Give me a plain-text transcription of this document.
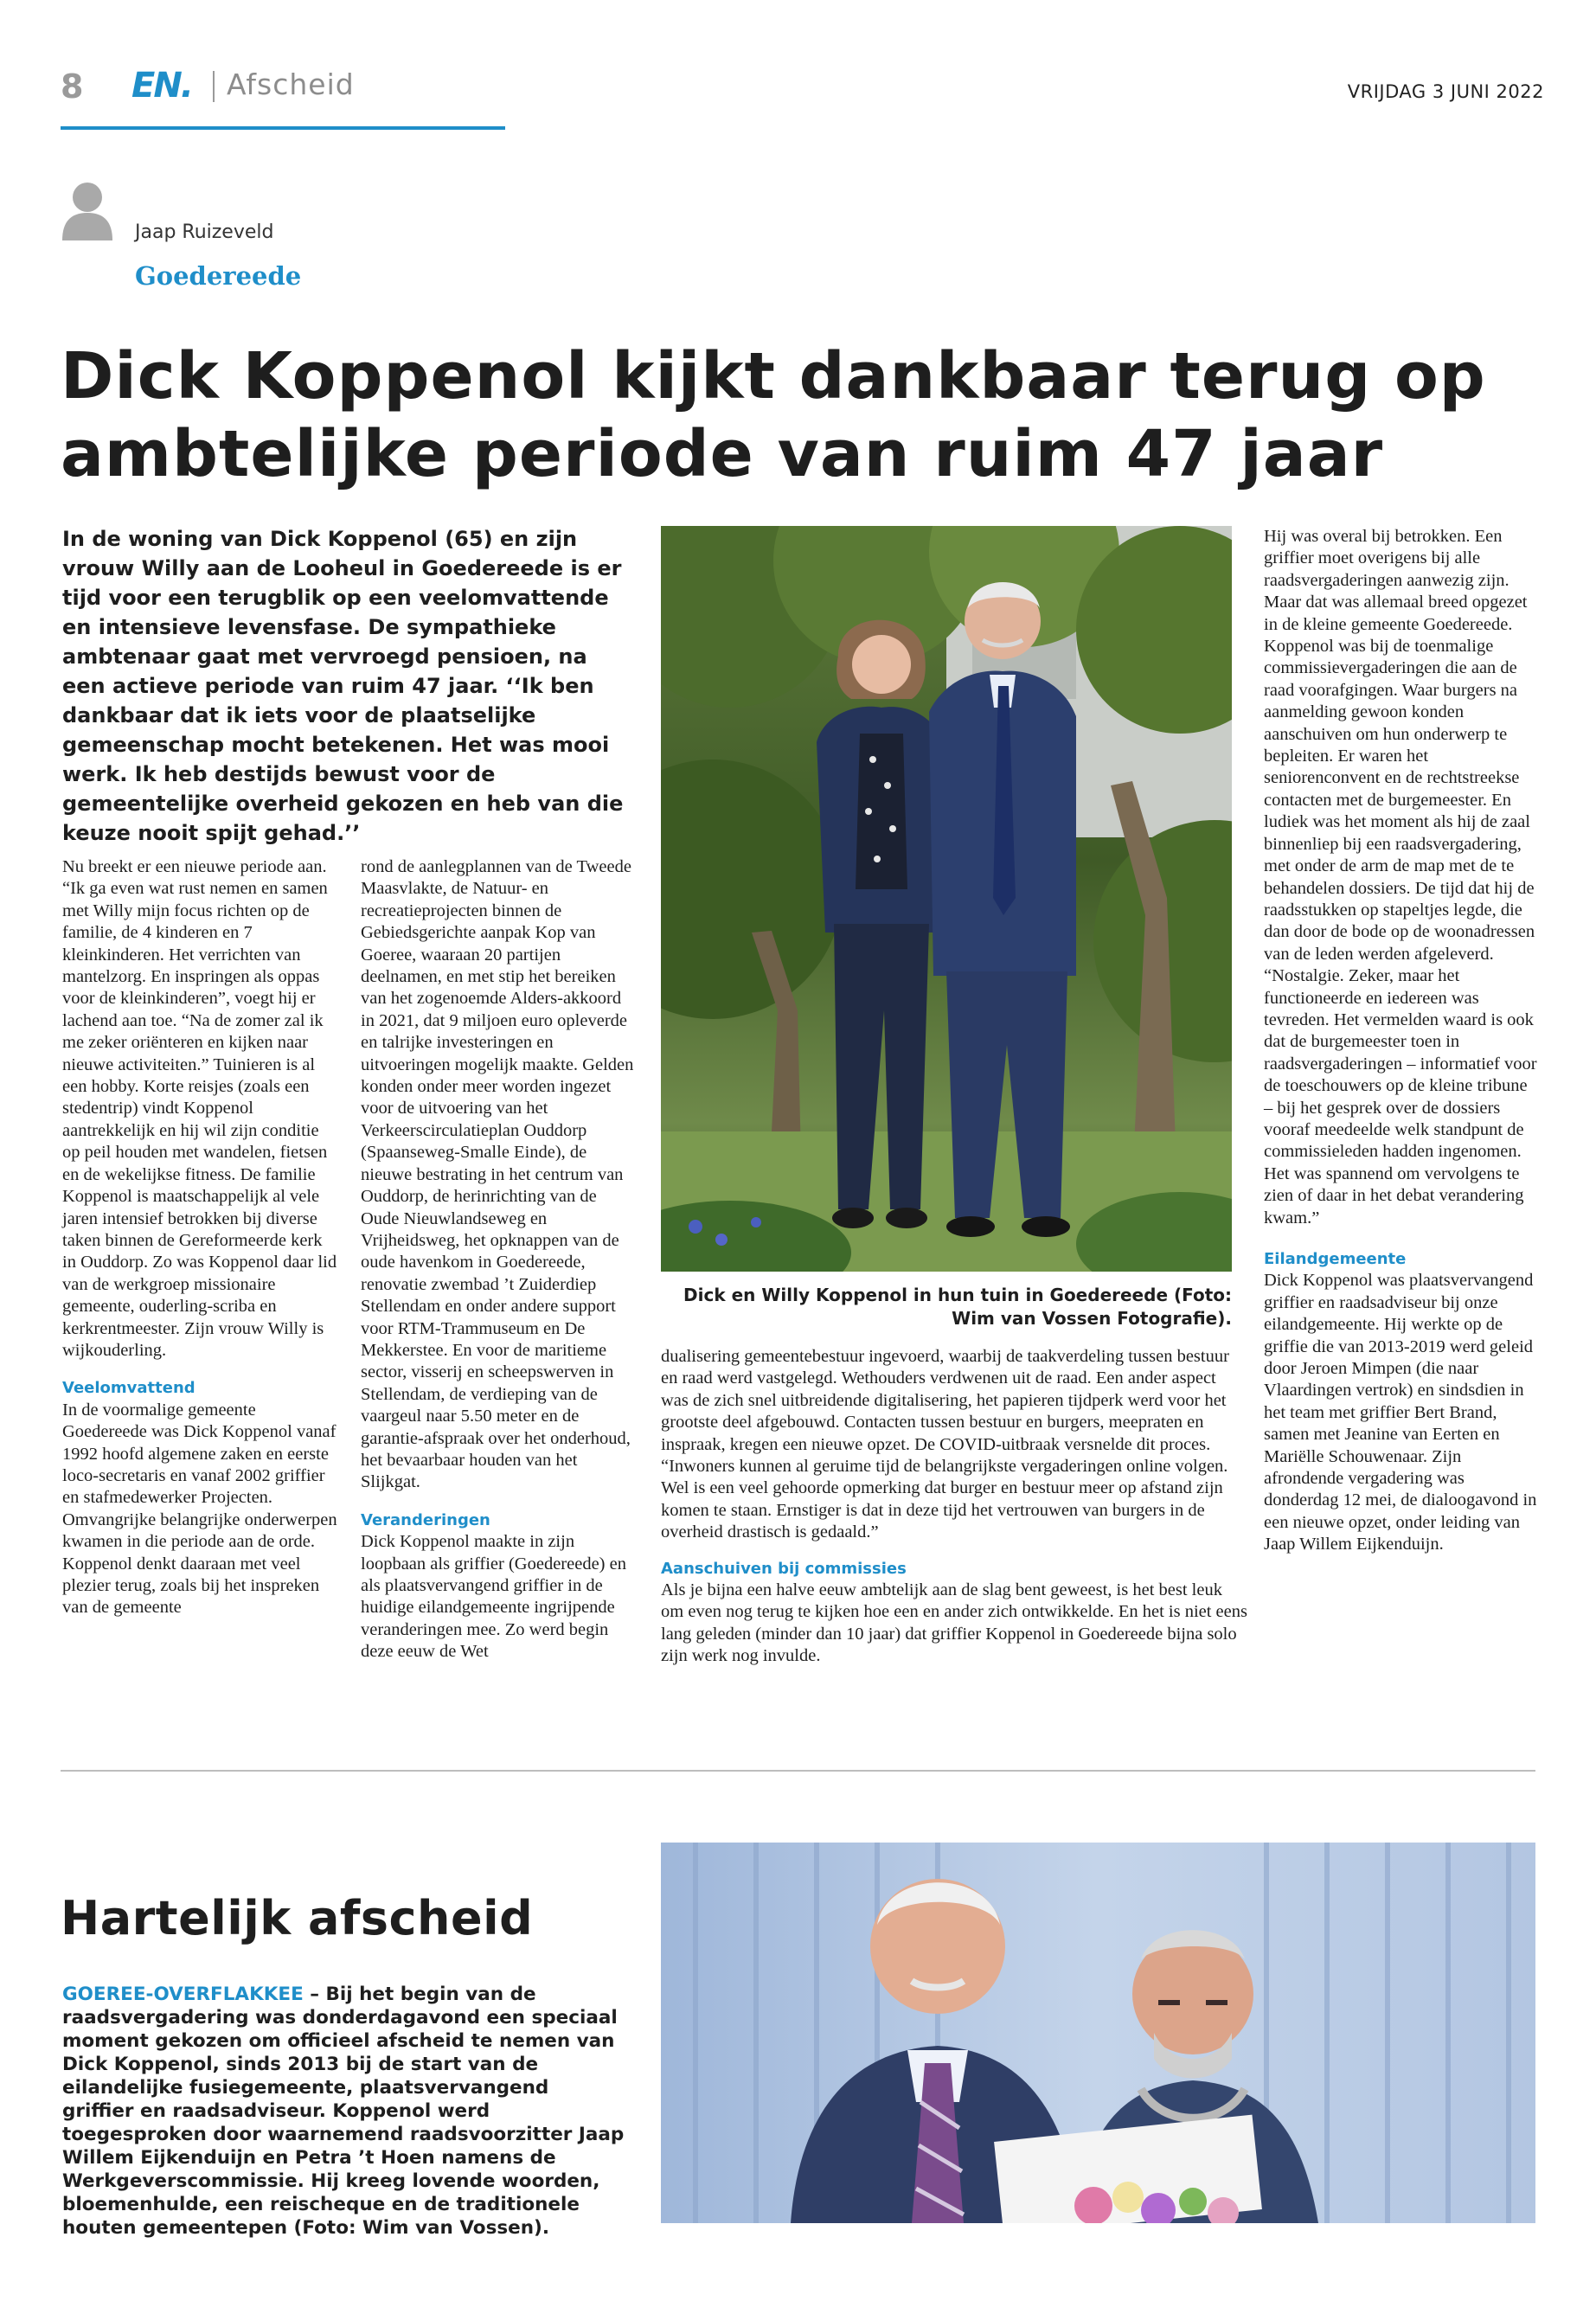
8 EN. Afscheid	VRIJDAG 3 JUNI 2022
Jaap Ruizeveld
Goedereede
Dick Koppenol kijkt dankbaar terug op ambtelijke periode van ruim 47 jaar
In de woning van Dick Koppenol (65) en zijn vrouw Willy aan de Looheul in Goedereede is er tijd voor een terugblik op een veelomvattende en intensieve levensfase. De sympathieke ambtenaar gaat met vervroegd pensioen, na een actieve periode van ruim 47 jaar. ‘‘Ik ben dankbaar dat ik iets voor de plaatselijke gemeenschap mocht betekenen. Het was mooi werk. Ik heb destijds bewust voor de gemeentelijke overheid gekozen en heb van die keuze nooit spijt gehad.’’
Nu breekt er een nieuwe periode aan. “Ik ga even wat rust nemen en samen met Willy mijn focus richten op de familie, de 4 kinderen en 7 kleinkinderen. Het verrichten van mantelzorg. En inspringen als oppas voor de kleinkinderen”, voegt hij er lachend aan toe. “Na de zomer zal ik me zeker oriënteren en kijken naar nieuwe activiteiten.” Tuinieren is al een hobby. Korte reisjes (zoals een stedentrip) vindt Koppenol aantrekkelijk en hij wil zijn conditie op peil houden met wandelen, fietsen en de wekelijkse fitness. De familie Koppenol is maatschappelijk al vele jaren intensief betrokken bij diverse taken binnen de Gereformeerde kerk in Ouddorp. Zo was Koppenol daar lid van de werkgroep missionaire gemeente, ouderling-scriba en kerkrentmeester. Zijn vrouw Willy is wijkouderling.
Veelomvattend
In de voormalige gemeente Goedereede was Dick Koppenol vanaf 1992 hoofd algemene zaken en eerste loco-secretaris en vanaf 2002 griffier en stafmedewerker Projecten. Omvangrijke belangrijke onderwerpen kwamen in die periode aan de orde. Koppenol denkt daaraan met veel plezier terug, zoals bij het inspreken van de gemeente
rond de aanlegplannen van de Tweede Maasvlakte, de Natuur- en recreatieprojecten binnen de Gebiedsgerichte aanpak Kop van Goeree, waaraan 20 partijen deelnamen, en met stip het bereiken van het zogenoemde Alders-akkoord in 2021, dat 9 miljoen euro opleverde en talrijke investeringen en uitvoeringen mogelijk maakte. Gelden konden onder meer worden ingezet voor de uitvoering van het Verkeerscirculatieplan Ouddorp (Spaanseweg-Smalle Einde), de nieuwe bestrating in het centrum van Ouddorp, de herinrichting van de Oude Nieuwlandseweg en Vrijheidsweg, het opknappen van de oude havenkom in Goedereede, renovatie zwembad ’t Zuiderdiep Stellendam en onder andere support voor RTM-Trammuseum en De Mekkerstee. En voor de maritieme sector, visserij en scheepswerven in Stellendam, de verdieping van de vaargeul naar 5.50 meter en de garantie-afspraak over het onderhoud, het bevaarbaar houden van het Slijkgat.
Veranderingen
Dick Koppenol maakte in zijn loopbaan als griffier (Goedereede) en als plaatsvervangend griffier in de huidige eilandgemeente ingrijpende veranderingen mee. Zo werd begin deze eeuw de Wet
Dick en Willy Koppenol in hun tuin in Goedereede (Foto: Wim van Vossen Fotografie).
dualisering gemeentebestuur ingevoerd, waarbij de taakverdeling tussen bestuur en raad werd vastgelegd. Wethouders verdwenen uit de raad. Een ander aspect was de zich snel uitbreidende digitalisering, het papieren tijdperk werd voor het grootste deel afgebouwd. Contacten tussen bestuur en burgers, meepraten en inspraak, kregen een nieuwe opzet. De COVID-uitbraak versnelde dit proces. “Inwoners kunnen al geruime tijd de belangrijkste vergaderingen online volgen. Wel is een veel gehoorde opmerking dat burger en bestuur meer op afstand zijn komen te staan. Ernstiger is dat in deze tijd het vertrouwen van burgers in de overheid drastisch is gedaald.”
Aanschuiven bij commissies
Als je bijna een halve eeuw ambtelijk aan de slag bent geweest, is het best leuk om even nog terug te kijken hoe een en ander zich ontwikkelde. En het is niet eens lang geleden (minder dan 10 jaar) dat griffier Koppenol in Goedereede bijna solo zijn werk nog invulde.
Hij was overal bij betrokken. Een griffier moet overigens bij alle raadsvergaderingen aanwezig zijn. Maar dat was allemaal breed opgezet in de kleine gemeente Goedereede. Koppenol was bij de toenmalige commissievergaderingen die aan de raad voorafgingen. Waar burgers na aanmelding gewoon konden aanschuiven om hun onderwerp te bepleiten. Er waren het seniorenconvent en de rechtstreekse contacten met de burgemeester. En ludiek was het moment als hij de zaal binnenliep bij een raadsvergadering, met onder de arm de map met de te behandelen dossiers. De tijd dat hij de raadsstukken op stapeltjes legde, die dan door de bode op de woonadressen van de leden werden afgeleverd. “Nostalgie. Zeker, maar het functioneerde en iedereen was tevreden. Het vermelden waard is ook dat de burgemeester toen in raadsvergaderingen – informatief voor de toeschouwers op de kleine tribune – bij het gesprek over de dossiers vooraf meedeelde welk standpunt de commissieleden hadden ingenomen. Het was spannend om vervolgens te zien of daar in het debat verandering kwam.”
Eilandgemeente
Dick Koppenol was plaatsvervangend griffier en raadsadviseur bij onze eilandgemeente. Hij werkte op de griffie die van 2013-2019 werd geleid door Jeroen Mimpen (die naar Vlaardingen vertrok) en sindsdien in het team met griffier Bert Brand, samen met Jeanine van Eerten en Mariëlle Schouwenaar. Zijn afrondende vergadering was donderdag 12 mei, de dialoogavond in een nieuwe opzet, onder leiding van Jaap Willem Eijkenduijn.
Hartelijk afscheid
GOEREE-OVERFLAKKEE – Bij het begin van de raadsvergadering was donderdagavond een speciaal moment gekozen om officieel afscheid te nemen van Dick Koppenol, sinds 2013 bij de start van de eilandelijke fusiegemeente, plaatsvervangend griffier en raadsadviseur. Koppenol werd toegesproken door waarnemend raadsvoorzitter Jaap Willem Eijkenduijn en Petra ’t Hoen namens de Werkgeverscommissie. Hij kreeg lovende woorden, bloemenhulde, een reischeque en de traditionele houten gemeentepen (Foto: Wim van Vossen).
